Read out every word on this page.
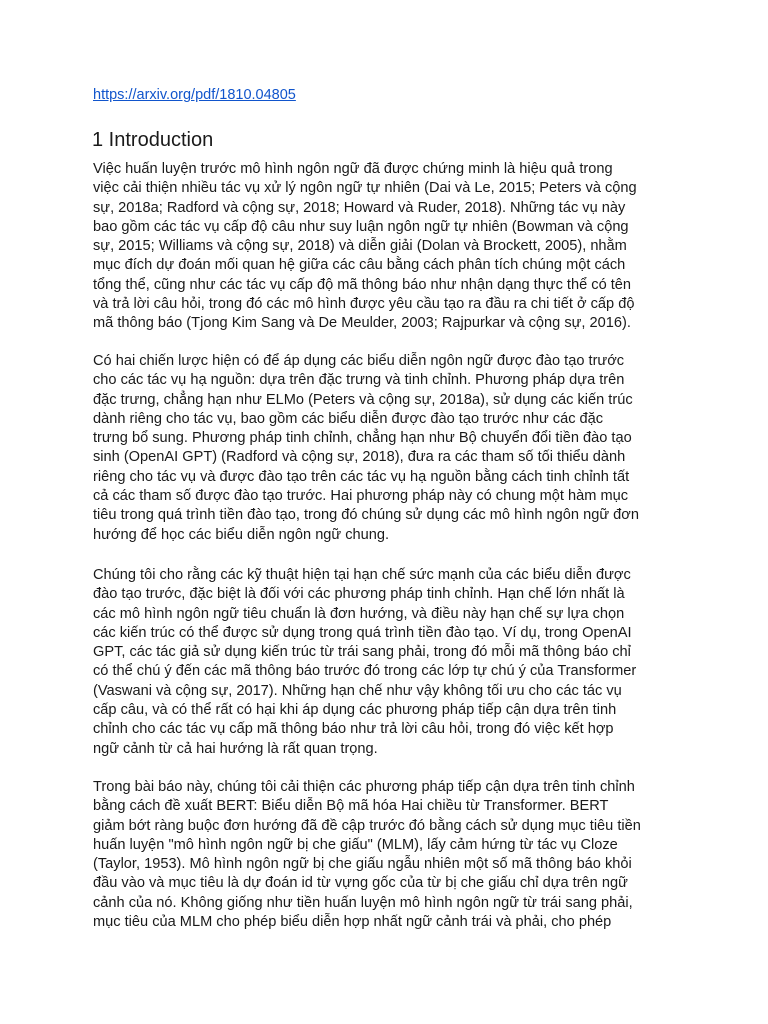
https://arxiv.org/pdf/1810.04805
1 Introduction

Việc huấn luyện trước mô hình ngôn ngữ đã được chứng minh là hiệu quả trong
việc cải thiện nhiều tác vụ xử lý ngôn ngữ tự nhiên (Dai và Le, 2015; Peters và cộng
sự, 2018a; Radford và cộng sự, 2018; Howard và Ruder, 2018). Những tác vụ này
bao gồm các tác vụ cấp độ câu như suy luận ngôn ngữ tự nhiên (Bowman và cộng
sự, 2015; Williams và cộng sự, 2018) và diễn giải (Dolan và Brockett, 2005), nhằm
mục đích dự đoán mối quan hệ giữa các câu bằng cách phân tích chúng một cách
tổng thể, cũng như các tác vụ cấp độ mã thông báo như nhận dạng thực thể có tên
và trả lời câu hỏi, trong đó các mô hình được yêu cầu tạo ra đầu ra chi tiết ở cấp độ
mã thông báo (Tjong Kim Sang và De Meulder, 2003; Rajpurkar và cộng sự, 2016).

Có hai chiến lược hiện có để áp dụng các biểu diễn ngôn ngữ được đào tạo trước
cho các tác vụ hạ nguồn: dựa trên đặc trưng và tinh chỉnh. Phương pháp dựa trên
đặc trưng, chẳng hạn như ELMo (Peters và cộng sự, 2018a), sử dụng các kiến trúc
dành riêng cho tác vụ, bao gồm các biểu diễn được đào tạo trước như các đặc
trưng bổ sung. Phương pháp tinh chỉnh, chẳng hạn như Bộ chuyển đổi tiền đào tạo
sinh (OpenAI GPT) (Radford và cộng sự, 2018), đưa ra các tham số tối thiểu dành
riêng cho tác vụ và được đào tạo trên các tác vụ hạ nguồn bằng cách tinh chỉnh tất
cả các tham số được đào tạo trước. Hai phương pháp này có chung một hàm mục
tiêu trong quá trình tiền đào tạo, trong đó chúng sử dụng các mô hình ngôn ngữ đơn
hướng để học các biểu diễn ngôn ngữ chung.

Chúng tôi cho rằng các kỹ thuật hiện tại hạn chế sức mạnh của các biểu diễn được
đào tạo trước, đặc biệt là đối với các phương pháp tinh chỉnh. Hạn chế lớn nhất là
các mô hình ngôn ngữ tiêu chuẩn là đơn hướng, và điều này hạn chế sự lựa chọn
các kiến trúc có thể được sử dụng trong quá trình tiền đào tạo. Ví dụ, trong OpenAI
GPT, các tác giả sử dụng kiến trúc từ trái sang phải, trong đó mỗi mã thông báo chỉ
có thể chú ý đến các mã thông báo trước đó trong các lớp tự chú ý của Transformer
(Vaswani và cộng sự, 2017). Những hạn chế như vậy không tối ưu cho các tác vụ
cấp câu, và có thể rất có hại khi áp dụng các phương pháp tiếp cận dựa trên tinh
chỉnh cho các tác vụ cấp mã thông báo như trả lời câu hỏi, trong đó việc kết hợp
ngữ cảnh từ cả hai hướng là rất quan trọng.

Trong bài báo này, chúng tôi cải thiện các phương pháp tiếp cận dựa trên tinh chỉnh
bằng cách đề xuất BERT: Biểu diễn Bộ mã hóa Hai chiều từ Transformer. BERT
giảm bớt ràng buộc đơn hướng đã đề cập trước đó bằng cách sử dụng mục tiêu tiền
huấn luyện "mô hình ngôn ngữ bị che giấu" (MLM), lấy cảm hứng từ tác vụ Cloze
(Taylor, 1953). Mô hình ngôn ngữ bị che giấu ngẫu nhiên một số mã thông báo khỏi
đầu vào và mục tiêu là dự đoán id từ vựng gốc của từ bị che giấu chỉ dựa trên ngữ
cảnh của nó. Không giống như tiền huấn luyện mô hình ngôn ngữ từ trái sang phải,
mục tiêu của MLM cho phép biểu diễn hợp nhất ngữ cảnh trái và phải, cho phép
